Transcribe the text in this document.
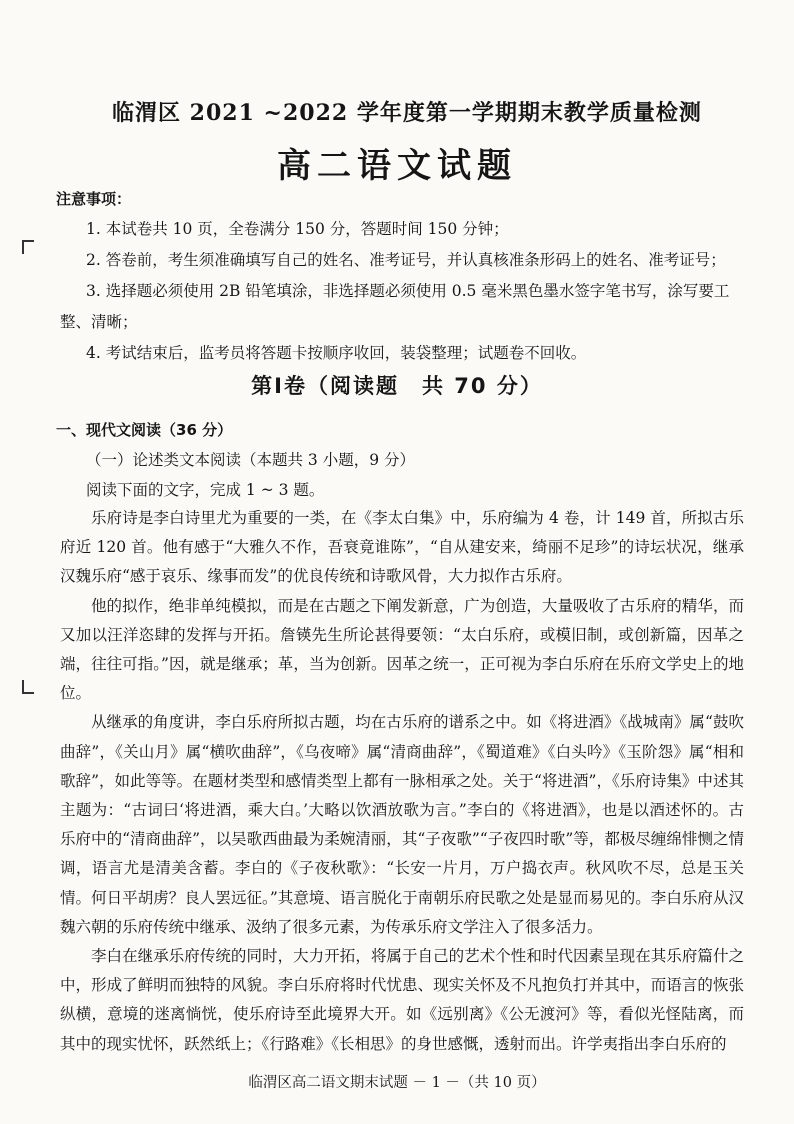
临渭区 2021 ~2022 学年度第一学期期末教学质量检测
高二语文试题
注意事项：

1. 本试卷共 10 页，全卷满分 150 分，答题时间 150 分钟；

2. 答卷前，考生须准确填写自己的姓名、准考证号，并认真核准条形码上的姓名、准考证号；

3. 选择题必须使用 2B 铅笔填涂，非选择题必须使用 0.5 毫米黑色墨水签字笔书写，涂写要工整、清晰；

4. 考试结束后，监考员将答题卡按顺序收回，装袋整理；试题卷不回收。

第Ⅰ卷（阅读题　共 70 分）
一、现代文阅读（36 分）
（一）论述类文本阅读（本题共 3 小题，9 分）
阅读下面的文字，完成 1 ~ 3 题。

乐府诗是李白诗里尤为重要的一类，在《李太白集》中，乐府编为 4 卷，计 149 首，所拟古乐府近 120 首。他有感于“大雅久不作，吾衰竟谁陈”，“自从建安来，绮丽不足珍”的诗坛状况，继承汉魏乐府“感于哀乐、缘事而发”的优良传统和诗歌风骨，大力拟作古乐府。

他的拟作，绝非单纯模拟，而是在古题之下阐发新意，广为创造，大量吸收了古乐府的精华，而又加以汪洋恣肆的发挥与开拓。詹锳先生所论甚得要领：“太白乐府，或模旧制，或创新篇，因革之端，往往可指。”因，就是继承；革，当为创新。因革之统一，正可视为李白乐府在乐府文学史上的地位。

从继承的角度讲，李白乐府所拟古题，均在古乐府的谱系之中。如《将进酒》《战城南》属“鼓吹曲辞”，《关山月》属“横吹曲辞”，《乌夜啼》属“清商曲辞”，《蜀道难》《白头吟》《玉阶怨》属“相和歌辞”，如此等等。在题材类型和感情类型上都有一脉相承之处。关于“将进酒”，《乐府诗集》中述其主题为：“古词曰‘将进酒，乘大白。’大略以饮酒放歌为言。”李白的《将进酒》，也是以酒述怀的。古乐府中的“清商曲辞”，以吴歌西曲最为柔婉清丽，其“子夜歌”“子夜四时歌”等，都极尽缠绵悱恻之情调，语言尤是清美含蓄。李白的《子夜秋歌》：“长安一片月，万户捣衣声。秋风吹不尽，总是玉关情。何日平胡虏？良人罢远征。”其意境、语言脱化于南朝乐府民歌之处是显而易见的。李白乐府从汉魏六朝的乐府传统中继承、汲纳了很多元素，为传承乐府文学注入了很多活力。

李白在继承乐府传统的同时，大力开拓，将属于自己的艺术个性和时代因素呈现在其乐府篇什之中，形成了鲜明而独特的风貌。李白乐府将时代忧患、现实关怀及不凡抱负打并其中，而语言的恢张纵横，意境的迷离惝恍，使乐府诗至此境界大开。如《远别离》《公无渡河》等，看似光怪陆离，而其中的现实忧怀，跃然纸上；《行路难》《长相思》的身世感慨，透射而出。许学夷指出李白乐府的

临渭区高二语文期末试题 － 1 －（共 10 页）
